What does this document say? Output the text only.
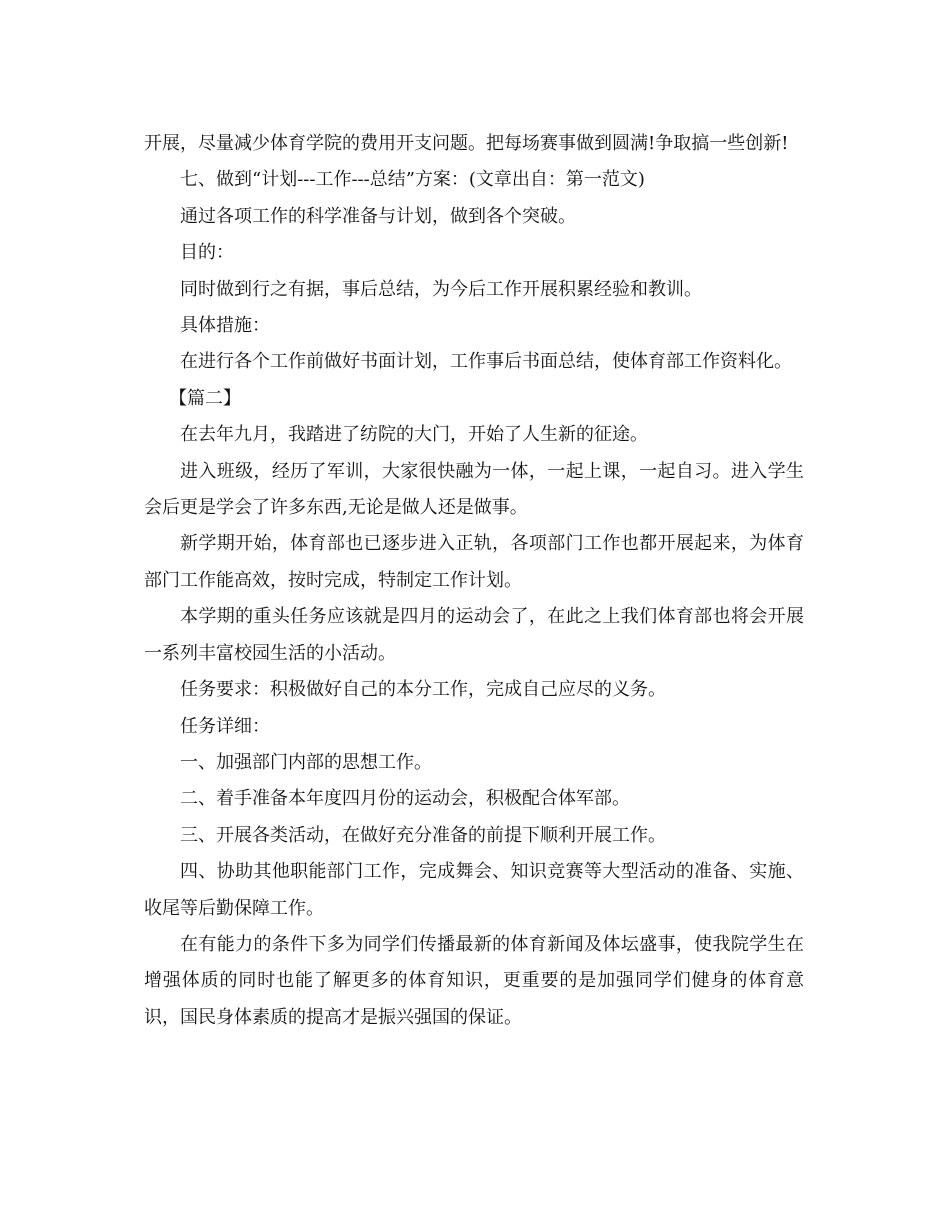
开展，尽量减少体育学院的费用开支问题。把每场赛事做到圆满!争取搞一些创新!

七、做到“计划---工作---总结”方案：(文章出自：第一范文)

通过各项工作的科学准备与计划，做到各个突破。

目的：

同时做到行之有据，事后总结，为今后工作开展积累经验和教训。

具体措施：

在进行各个工作前做好书面计划，工作事后书面总结，使体育部工作资料化。

【篇二】

在去年九月，我踏进了纺院的大门，开始了人生新的征途。

进入班级，经历了军训，大家很快融为一体，一起上课，一起自习。进入学生会后更是学会了许多东西,无论是做人还是做事。

新学期开始，体育部也已逐步进入正轨，各项部门工作也都开展起来，为体育部门工作能高效，按时完成，特制定工作计划。

本学期的重头任务应该就是四月的运动会了，在此之上我们体育部也将会开展一系列丰富校园生活的小活动。

任务要求：积极做好自己的本分工作，完成自己应尽的义务。

任务详细：

一、加强部门内部的思想工作。

二、着手准备本年度四月份的运动会，积极配合体军部。

三、开展各类活动，在做好充分准备的前提下顺利开展工作。

四、协助其他职能部门工作，完成舞会、知识竞赛等大型活动的准备、实施、收尾等后勤保障工作。

在有能力的条件下多为同学们传播最新的体育新闻及体坛盛事，使我院学生在增强体质的同时也能了解更多的体育知识，更重要的是加强同学们健身的体育意识，国民身体素质的提高才是振兴强国的保证。
